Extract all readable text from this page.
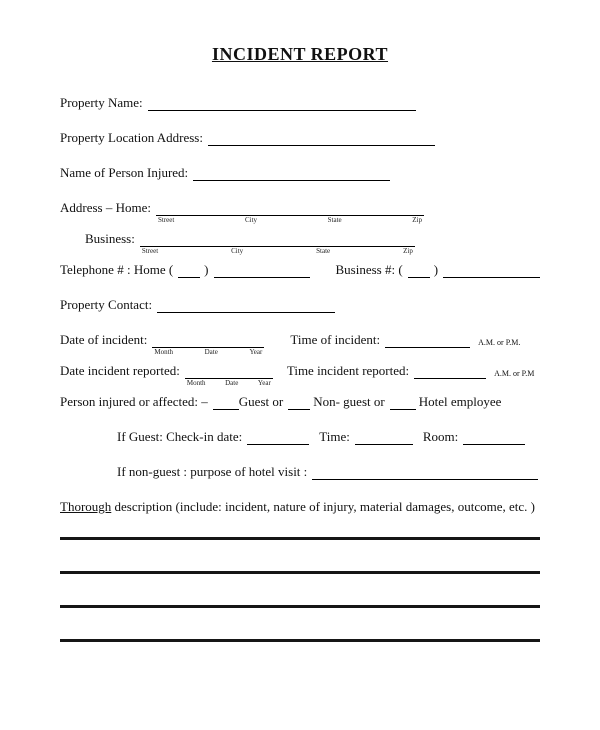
INCIDENT REPORT
Property Name:
Property Location Address:
Name of Person Injured:
Address – Home:
Street	City	State	Zip
Business:
Street	City	State	Zip
Telephone # : Home ( )	Business #: ( )
Property Contact:
Date of incident:
Month	Date	Year
Time of incident:	A.M. or P.M.
Date incident reported:
Month	Date	Year
Time incident reported:	A.M. or P.M
Person injured or affected: – Guest or Non- guest or	Hotel employee
If Guest: Check-in date:	Time:	Room:
If non-guest : purpose of hotel visit :
Thorough description (include: incident, nature of injury, material damages, outcome, etc. )
